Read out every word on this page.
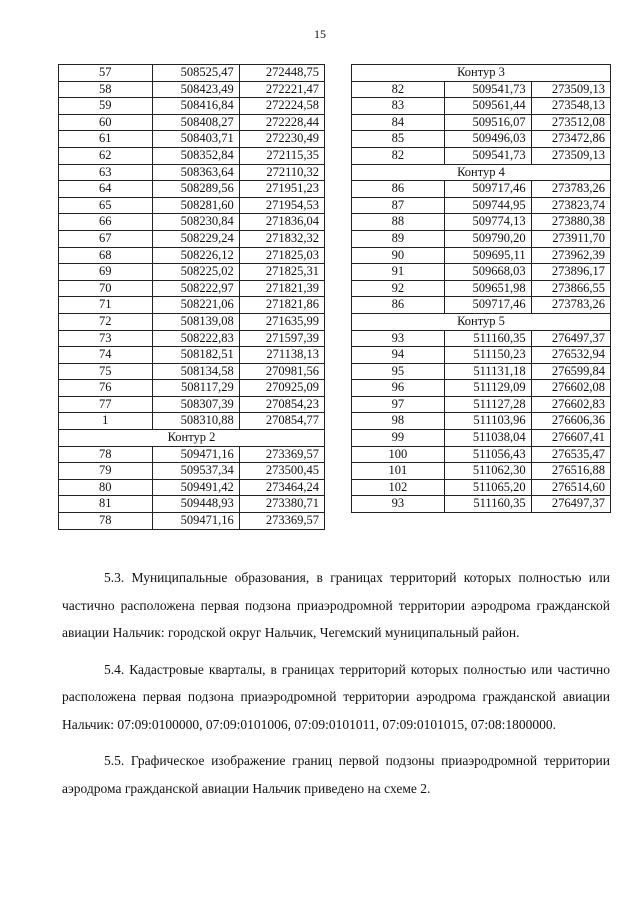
15
57	508525,47	272448,75
58	508423,49	272221,47
59	508416,84	272224,58
60	508408,27	272228,44
61	508403,71	272230,49
62	508352,84	272115,35
63	508363,64	272110,32
64	508289,56	271951,23
65	508281,60	271954,53
66	508230,84	271836,04
67	508229,24	271832,32
68	508226,12	271825,03
69	508225,02	271825,31
70	508222,97	271821,39
71	508221,06	271821,86
72	508139,08	271635,99
73	508222,83	271597,39
74	508182,51	271138,13
75	508134,58	270981,56
76	508117,29	270925,09
77	508307,39	270854,23
1	508310,88	270854,77
Контур 2		
78	509471,16	273369,57
79	509537,34	273500,45
80	509491,42	273464,24
81	509448,93	273380,71
78	509471,16	273369,57
Контур 3		
82	509541,73	273509,13
83	509561,44	273548,13
84	509516,07	273512,08
85	509496,03	273472,86
82	509541,73	273509,13
Контур 4		
86	509717,46	273783,26
87	509744,95	273823,74
88	509774,13	273880,38
89	509790,20	273911,70
90	509695,11	273962,39
91	509668,03	273896,17
92	509651,98	273866,55
86	509717,46	273783,26
Контур 5		
93	511160,35	276497,37
94	511150,23	276532,94
95	511131,18	276599,84
96	511129,09	276602,08
97	511127,28	276602,83
98	511103,96	276606,36
99	511038,04	276607,41
100	511056,43	276535,47
101	511062,30	276516,88
102	511065,20	276514,60
93	511160,35	276497,37

5.3. Муниципальные образования, в границах территорий которых полностью или частично расположена первая подзона приаэродромной территории аэродрома гражданской авиации Нальчик: городской округ Нальчик, Чегемский муниципальный район.

5.4. Кадастровые кварталы, в границах территорий которых полностью или частично расположена первая подзона приаэродромной территории аэродрома гражданской авиации Нальчик: 07:09:0100000, 07:09:0101006, 07:09:0101011, 07:09:0101015, 07:08:1800000.

5.5. Графическое изображение границ первой подзоны приаэродромной территории аэродрома гражданской авиации Нальчик приведено на схеме 2.
